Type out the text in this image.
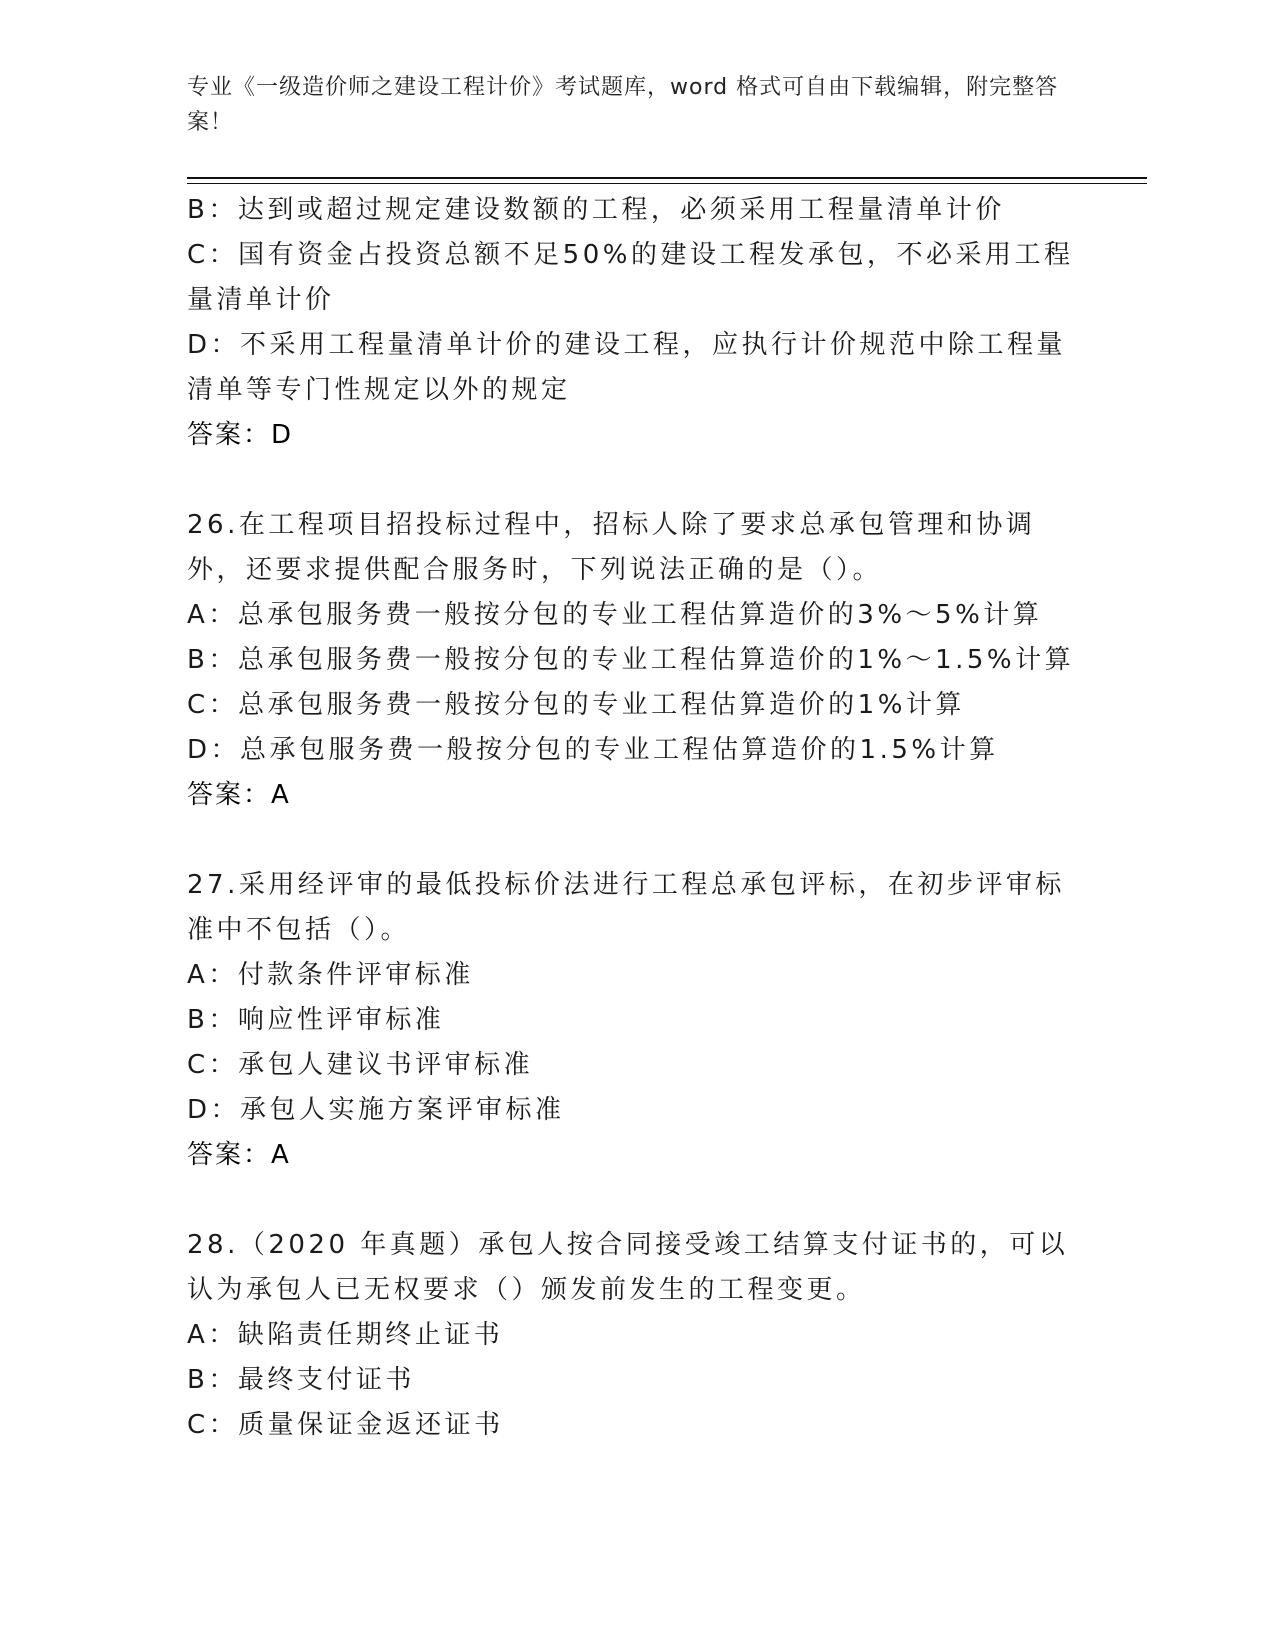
专业《一级造价师之建设工程计价》考试题库，word 格式可自由下载编辑，附完整答案！

B：达到或超过规定建设数额的工程，必须采用工程量清单计价

C：国有资金占投资总额不足50%的建设工程发承包，不必采用工程量清单计价

D：不采用工程量清单计价的建设工程，应执行计价规范中除工程量清单等专门性规定以外的规定

答案：D

26.在工程项目招投标过程中，招标人除了要求总承包管理和协调外，还要求提供配合服务时，下列说法正确的是（）。

A：总承包服务费一般按分包的专业工程估算造价的3%～5%计算

B：总承包服务费一般按分包的专业工程估算造价的1%～1.5%计算

C：总承包服务费一般按分包的专业工程估算造价的1%计算

D：总承包服务费一般按分包的专业工程估算造价的1.5%计算

答案：A

27.采用经评审的最低投标价法进行工程总承包评标，在初步评审标准中不包括（）。

A：付款条件评审标准

B：响应性评审标准

C：承包人建议书评审标准

D：承包人实施方案评审标准

答案：A

28.（2020 年真题）承包人按合同接受竣工结算支付证书的，可以认为承包人已无权要求（）颁发前发生的工程变更。

A：缺陷责任期终止证书

B：最终支付证书

C：质量保证金返还证书
